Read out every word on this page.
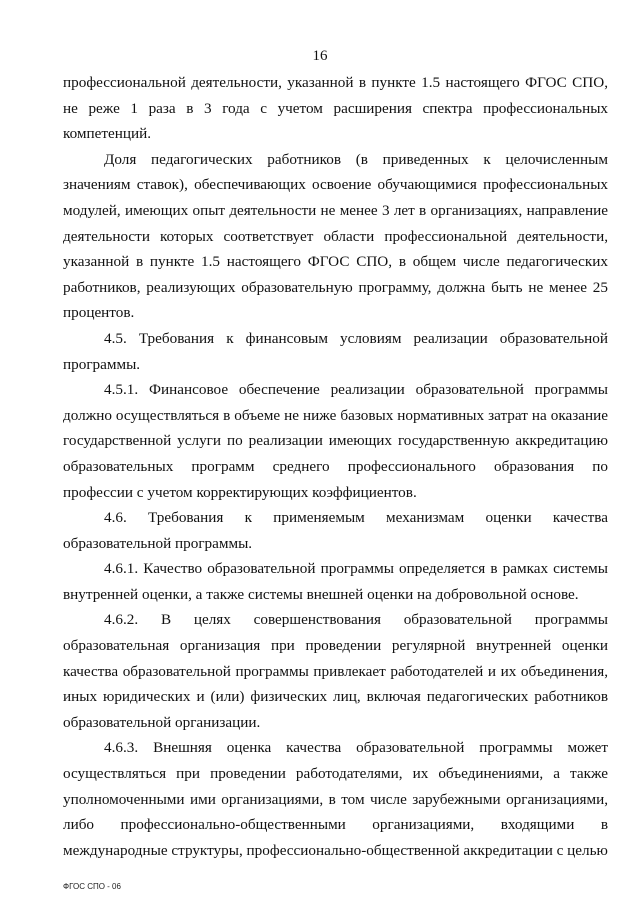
16

профессиональной деятельности, указанной в пункте 1.5 настоящего ФГОС СПО, не реже 1 раза в 3 года с учетом расширения спектра профессиональных компетенций.

Доля педагогических работников (в приведенных к целочисленным значениям ставок), обеспечивающих освоение обучающимися профессиональных модулей, имеющих опыт деятельности не менее 3 лет в организациях, направление деятельности которых соответствует области профессиональной деятельности, указанной в пункте 1.5 настоящего ФГОС СПО, в общем числе педагогических работников, реализующих образовательную программу, должна быть не менее 25 процентов.

4.5. Требования к финансовым условиям реализации образовательной программы.

4.5.1. Финансовое обеспечение реализации образовательной программы должно осуществляться в объеме не ниже базовых нормативных затрат на оказание государственной услуги по реализации имеющих государственную аккредитацию образовательных программ среднего профессионального образования по профессии с учетом корректирующих коэффициентов.

4.6. Требования к применяемым механизмам оценки качества образовательной программы.

4.6.1. Качество образовательной программы определяется в рамках системы внутренней оценки, а также системы внешней оценки на добровольной основе.

4.6.2. В целях совершенствования образовательной программы образовательная организация при проведении регулярной внутренней оценки качества образовательной программы привлекает работодателей и их объединения, иных юридических и (или) физических лиц, включая педагогических работников образовательной организации.

4.6.3. Внешняя оценка качества образовательной программы может осуществляться при проведении работодателями, их объединениями, а также уполномоченными ими организациями, в том числе зарубежными организациями, либо профессионально-общественными организациями, входящими в международные структуры, профессионально-общественной аккредитации с целью

ФГОС СПО - 06
